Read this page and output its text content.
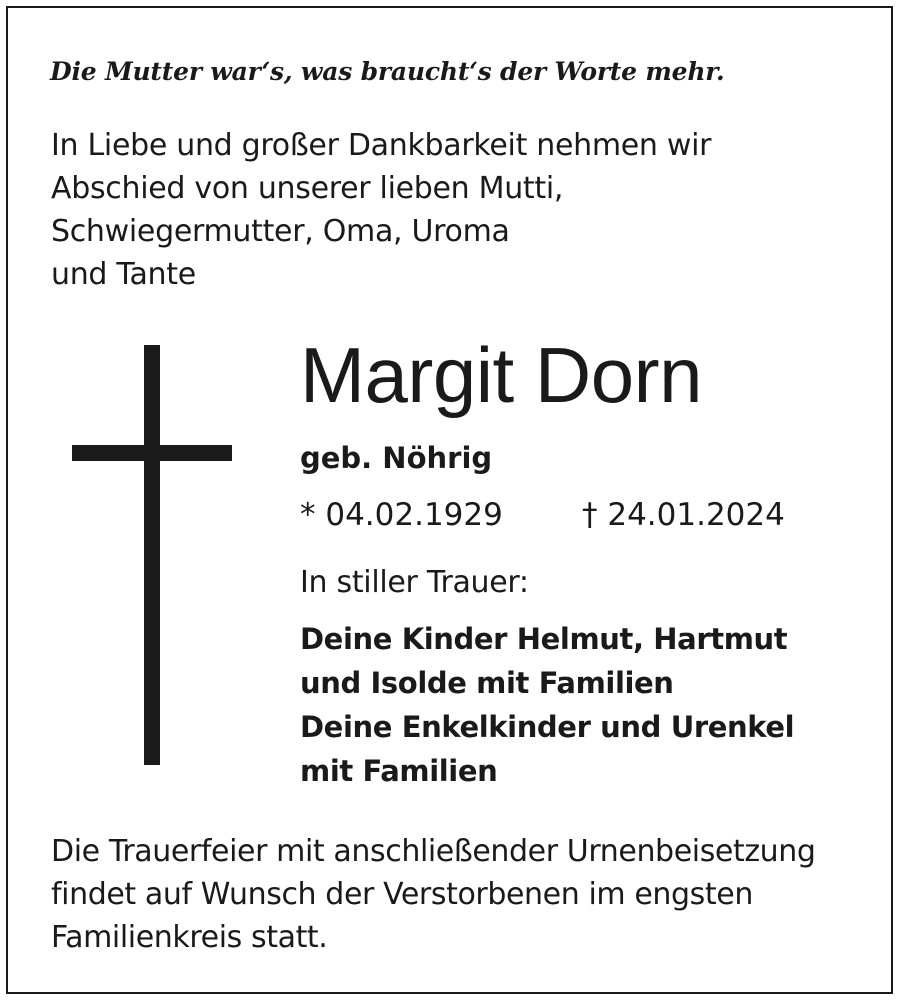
Die Mutter war‘s, was braucht‘s der Worte mehr.
In Liebe und großer Dankbarkeit nehmen wir
Abschied von unserer lieben Mutti,
Schwiegermutter, Oma, Uroma
und Tante
Margit Dorn
geb. Nöhrig
* 04.02.1929	† 24.01.2024
In stiller Trauer:
Deine Kinder Helmut, Hartmut
und Isolde mit Familien
Deine Enkelkinder und Urenkel
mit Familien
Die Trauerfeier mit anschließender Urnenbeisetzung
findet auf Wunsch der Verstorbenen im engsten
Familienkreis statt.
